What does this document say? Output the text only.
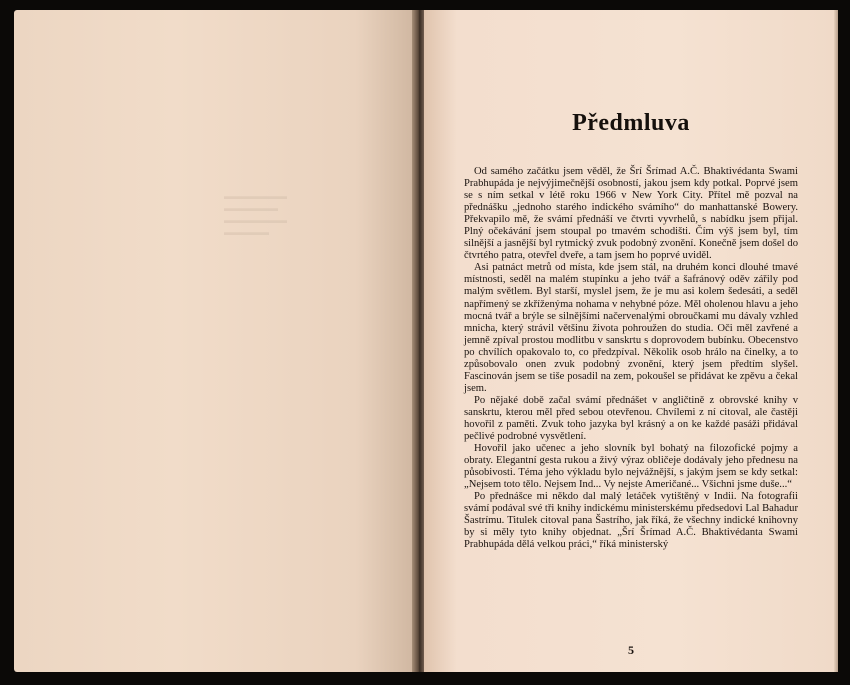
▬▬▬▬▬▬▬
▬▬▬▬▬▬
▬▬▬▬▬▬▬
▬▬▬▬▬
Předmluva

Od samého začátku jsem věděl, že Šrí Šrímad A.Č. Bhaktivédanta Swami Prabhupáda je nejvýjimečnější osobností, jakou jsem kdy potkal. Poprvé jsem se s ním setkal v létě roku 1966 v New York City. Přítel mě pozval na přednášku „jednoho starého indického svámího“ do manhattanské Bowery. Překvapilo mě, že svámí přednáší ve čtvrti vyvrhelů, s nabídku jsem přijal. Plný očekávání jsem stoupal po tmavém schodišti. Čím výš jsem byl, tím silnější a jasnější byl rytmický zvuk podobný zvonění. Konečně jsem došel do čtvrtého patra, otevřel dveře, a tam jsem ho poprvé uviděl.

Asi patnáct metrů od místa, kde jsem stál, na druhém konci dlouhé tmavé místnosti, seděl na malém stupínku a jeho tvář a šafránový oděv zářily pod malým světlem. Byl starší, myslel jsem, že je mu asi kolem šedesáti, a seděl napřímený se zkříženýma nohama v nehybné póze. Měl oholenou hlavu a jeho mocná tvář a brýle se silnějšími načervenalými obroučkami mu dávaly vzhled mnicha, který strávil většinu života pohroužen do studia. Oči měl zavřené a jemně zpíval prostou modlitbu v sanskrtu s doprovodem bubínku. Obecenstvo po chvílích opakovalo to, co předzpíval. Několik osob hrálo na činelky, a to způsobovalo onen zvuk podobný zvonění, který jsem předtím slyšel. Fascinován jsem se tiše posadil na zem, pokoušel se přidávat ke zpěvu a čekal jsem.

Po nějaké době začal svámí přednášet v angličtině z obrovské knihy v sanskrtu, kterou měl před sebou otevřenou. Chvílemi z ní citoval, ale častěji hovořil z paměti. Zvuk toho jazyka byl krásný a on ke každé pasáži přidával pečlivé podrobné vysvětlení.

Hovořil jako učenec a jeho slovník byl bohatý na filozofické pojmy a obraty. Elegantní gesta rukou a živý výraz obličeje dodávaly jeho přednesu na působivosti. Téma jeho výkladu bylo nejvážnější, s jakým jsem se kdy setkal: „Nejsem toto tělo. Nejsem Ind... Vy nejste Američané... Všichni jsme duše...“

Po přednášce mi někdo dal malý letáček vytištěný v Indii. Na fotografii svámí podával své tři knihy indickému ministerskému předsedovi Lal Bahadur Šastrímu. Titulek citoval pana Šastrího, jak říká, že všechny indické knihovny by si měly tyto knihy objednat. „Šrí Šrímad A.Č. Bhaktivédanta Swami Prabhupáda dělá velkou práci,“ říká ministerský

5
